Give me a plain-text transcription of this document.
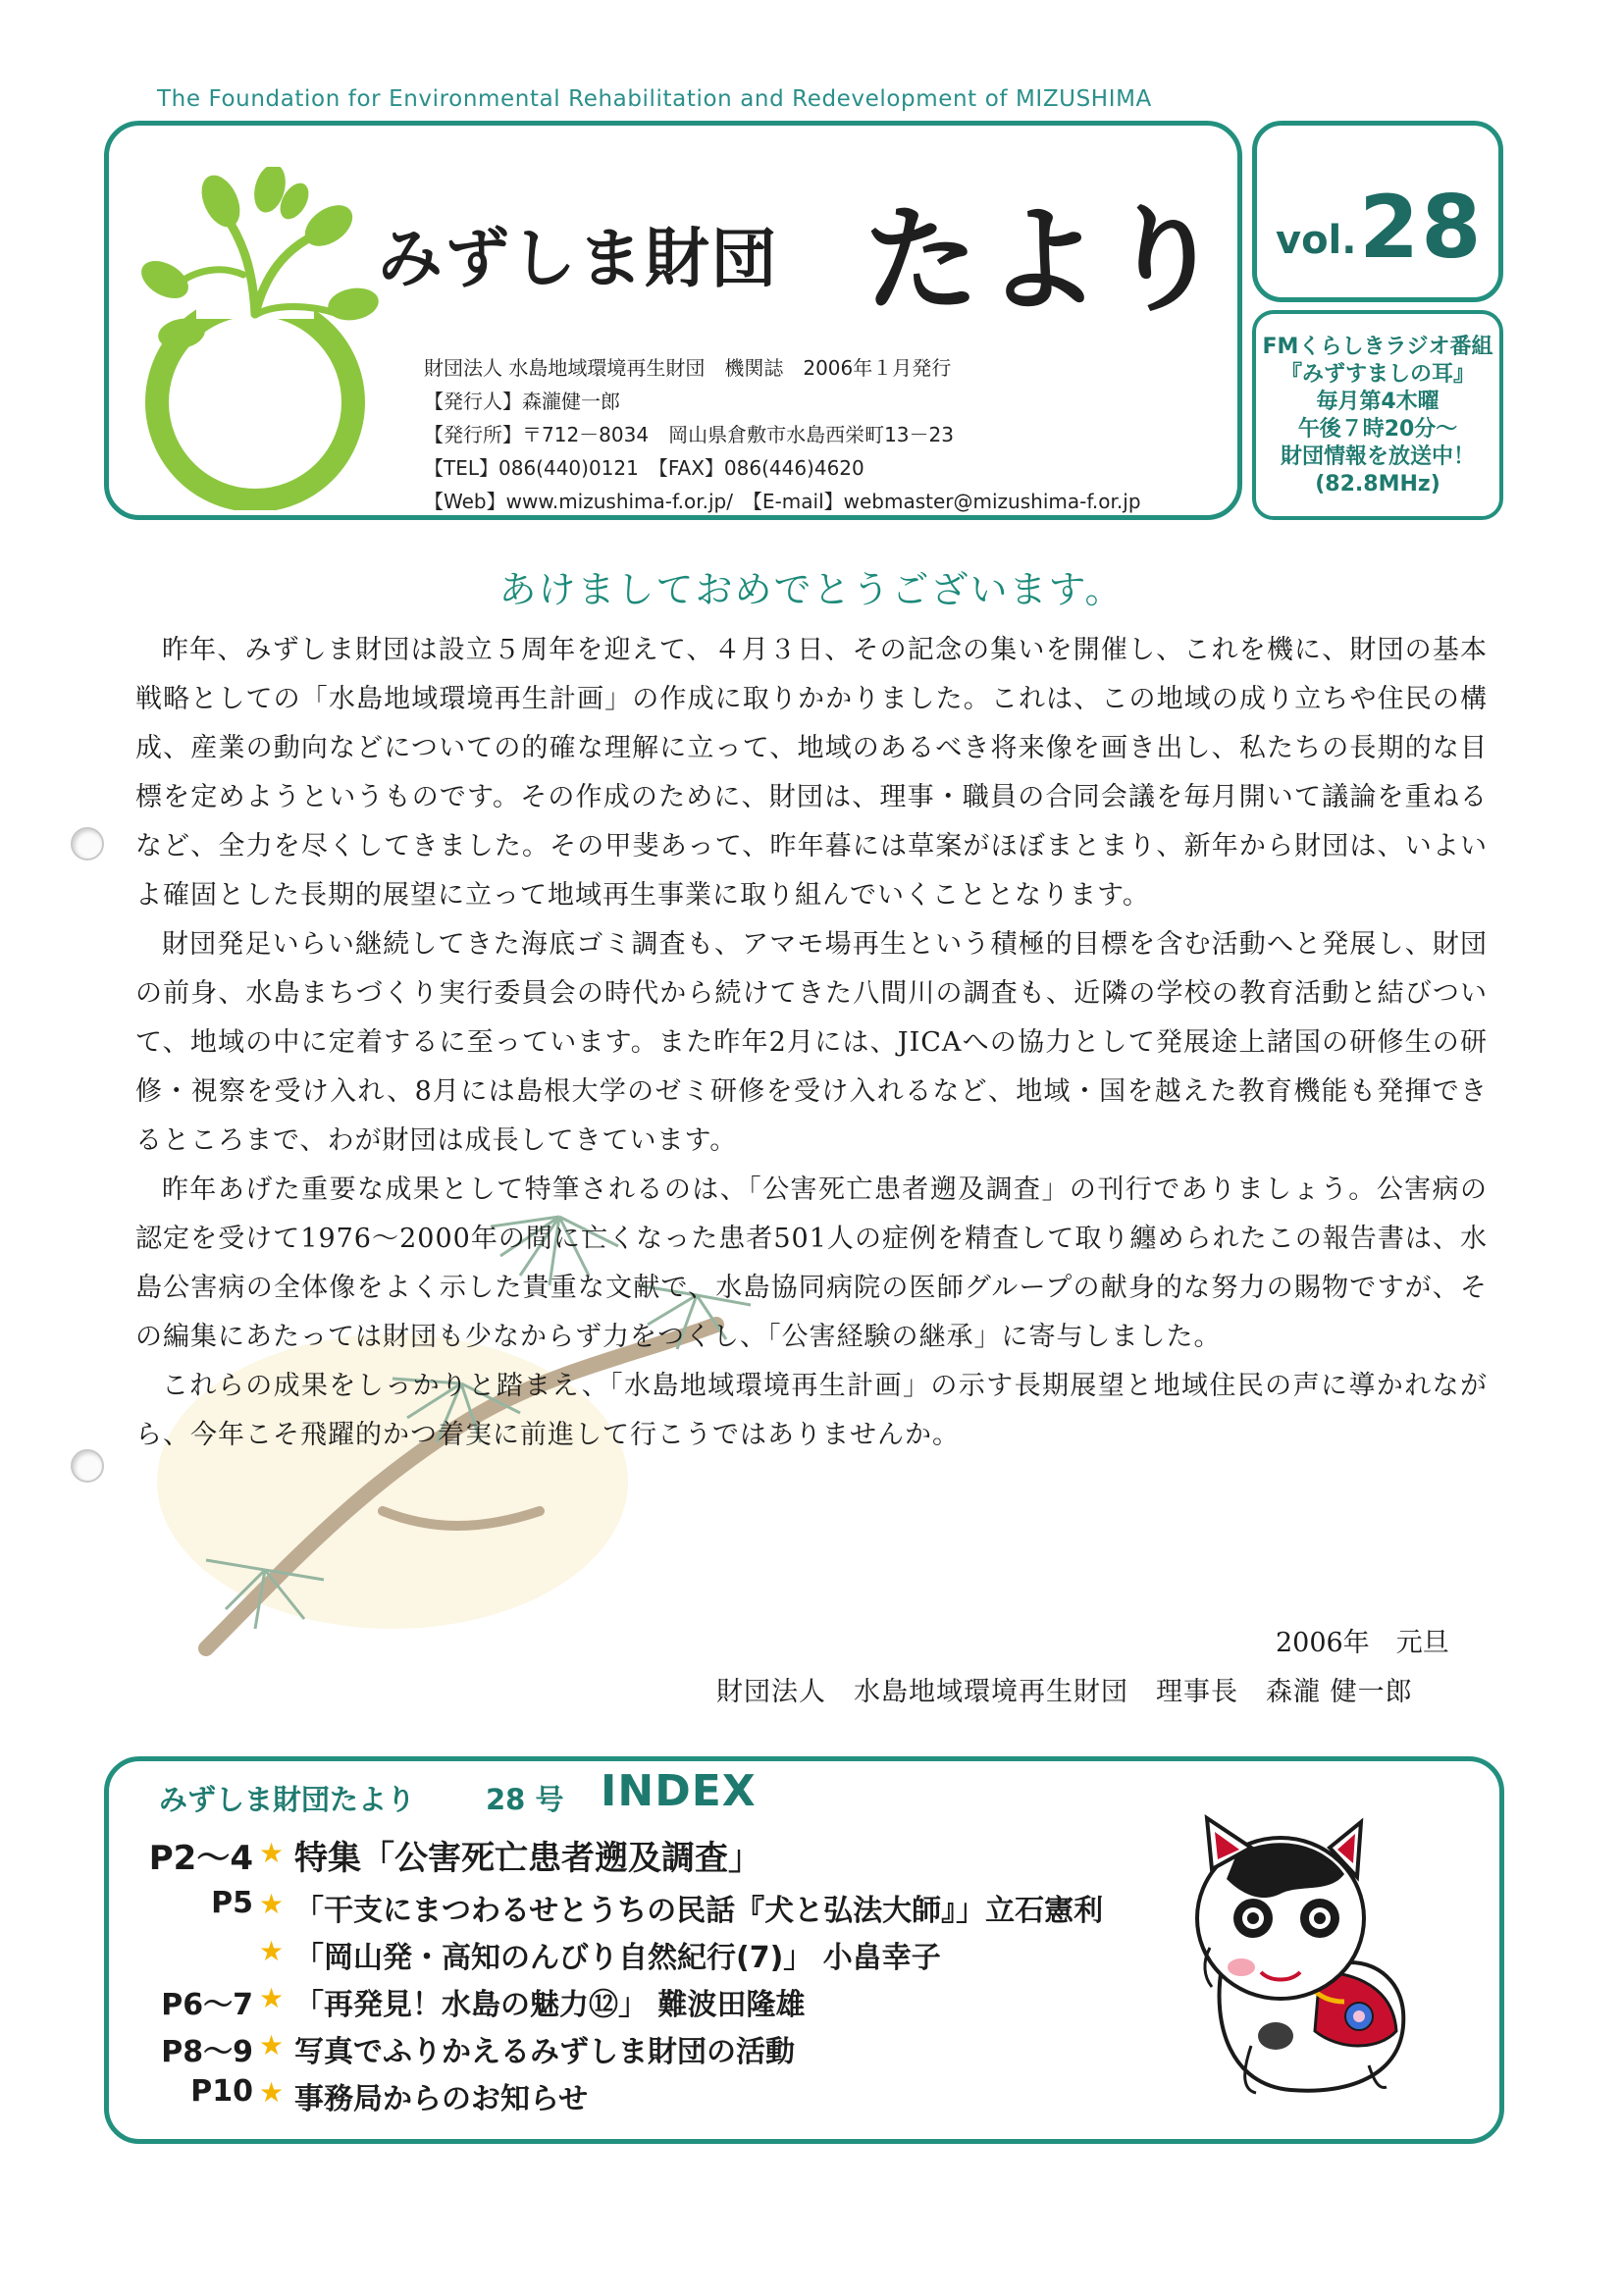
The Foundation for Environmental Rehabilitation and Redevelopment of MIZUSHIMA
みずしま財団 たより
財団法人 水島地域環境再生財団　機関誌　2006年１月発行
【発行人】森瀧健一郎
【発行所】〒712－8034　岡山県倉敷市水島西栄町13－23
【TEL】086(440)0121　【FAX】086(446)4620
【Web】www.mizushima-f.or.jp/　【E-mail】webmaster@mizushima-f.or.jp
vol. 28
FMくらしきラジオ番組
『みずすましの耳』
毎月第4木曜
午後７時20分～
財団情報を放送中！
(82.8MHz)
あけましておめでとうございます。

昨年、みずしま財団は設立５周年を迎えて、４月３日、その記念の集いを開催し、これを機に、財団の基本戦略としての「水島地域環境再生計画」の作成に取りかかりました。これは、この地域の成り立ちや住民の構成、産業の動向などについての的確な理解に立って、地域のあるべき将来像を画き出し、私たちの長期的な目標を定めようというものです。その作成のために、財団は、理事・職員の合同会議を毎月開いて議論を重ねるなど、全力を尽くしてきました。その甲斐あって、昨年暮には草案がほぼまとまり、新年から財団は、いよいよ確固とした長期的展望に立って地域再生事業に取り組んでいくこととなります。

財団発足いらい継続してきた海底ゴミ調査も、アマモ場再生という積極的目標を含む活動へと発展し、財団の前身、水島まちづくり実行委員会の時代から続けてきた八間川の調査も、近隣の学校の教育活動と結びついて、地域の中に定着するに至っています。また昨年2月には、JICAへの協力として発展途上諸国の研修生の研修・視察を受け入れ、8月には島根大学のゼミ研修を受け入れるなど、地域・国を越えた教育機能も発揮できるところまで、わが財団は成長してきています。

昨年あげた重要な成果として特筆されるのは、「公害死亡患者遡及調査」の刊行でありましょう。公害病の認定を受けて1976～2000年の間に亡くなった患者501人の症例を精査して取り纏められたこの報告書は、水島公害病の全体像をよく示した貴重な文献で、水島協同病院の医師グループの献身的な努力の賜物ですが、その編集にあたっては財団も少なからず力をつくし、「公害経験の継承」に寄与しました。

これらの成果をしっかりと踏まえ、「水島地域環境再生計画」の示す長期展望と地域住民の声に導かれながら、今年こそ飛躍的かつ着実に前進して行こうではありませんか。

2006年　元旦
財団法人　水島地域環境再生財団　理事長　森瀧 健一郎
みずしま財団たより 28 号 INDEX
P2～4 ★ 特集「公害死亡患者遡及調査」
P5 ★ 「干支にまつわるせとうちの民話『犬と弘法大師』」立石憲利
★ 「岡山発・高知のんびり自然紀行(7)」 小畠幸子
P6～7 ★ 「再発見！水島の魅力⑫」 難波田隆雄
P8～9 ★ 写真でふりかえるみずしま財団の活動
P10 ★ 事務局からのお知らせ
